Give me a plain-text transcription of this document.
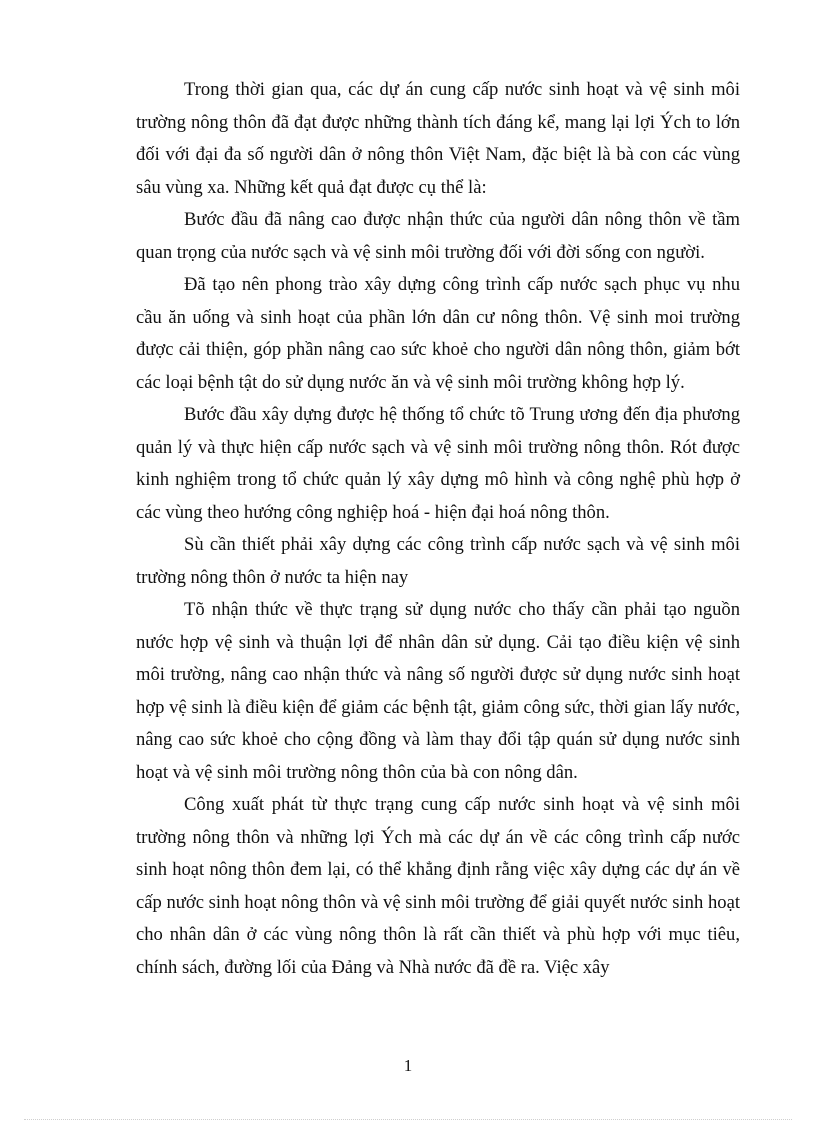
Trong thời gian qua, các dự án cung cấp nước sinh hoạt và vệ sinh môi trường nông thôn đã đạt được những thành tích đáng kể, mang lại lợi Ých to lớn đối với đại đa số người dân ở nông thôn Việt Nam, đặc biệt là bà con các vùng sâu vùng xa. Những kết quả đạt được cụ thể là:

Bước đầu đã nâng cao được nhận thức của người dân nông thôn về tầm quan trọng của nước sạch và vệ sinh môi trường đối với đời sống con người.

Đã tạo nên phong trào xây dựng công trình cấp nước sạch phục vụ nhu cầu ăn uống và sinh hoạt của phần lớn dân cư nông thôn. Vệ sinh moi trường được cải thiện, góp phần nâng cao sức khoẻ cho người dân nông thôn, giảm bớt các loại bệnh tật do sử dụng nước ăn và vệ sinh môi trường không hợp lý.

Bước đầu xây dựng được hệ thống tổ chức tõ Trung ương đến địa phương quản lý và thực hiện cấp nước sạch và vệ sinh môi trường nông thôn. Rót được kinh nghiệm trong tổ chức quản lý xây dựng mô hình và công nghệ phù hợp ở các vùng theo hướng công nghiệp hoá - hiện đại hoá nông thôn.

Sù cần thiết phải xây dựng các công trình cấp nước sạch và vệ sinh môi trường nông thôn ở nước ta hiện nay

Tõ nhận thức về thực trạng sử dụng nước cho thấy cần phải tạo nguồn nước hợp vệ sinh và thuận lợi để nhân dân sử dụng. Cải tạo điều kiện vệ sinh môi trường, nâng cao nhận thức và nâng số người được sử dụng nước sinh hoạt hợp vệ sinh là điều kiện để giảm các bệnh tật, giảm công sức, thời gian lấy nước, nâng cao sức khoẻ cho cộng đồng và làm thay đổi tập quán sử dụng nước sinh hoạt và vệ sinh môi trường nông thôn của bà con nông dân.

Công xuất phát từ thực trạng cung cấp nước sinh hoạt và vệ sinh môi trường nông thôn và những lợi Ých mà các dự án về các công trình cấp nước sinh hoạt nông thôn đem lại, có thể khẳng định rằng việc xây dựng các dự án về cấp nước sinh hoạt nông thôn và vệ sinh môi trường để giải quyết nước sinh hoạt cho nhân dân ở các vùng nông thôn là rất cần thiết và phù hợp với mục tiêu, chính sách, đường lối của Đảng và Nhà nước đã đề ra. Việc xây

1
